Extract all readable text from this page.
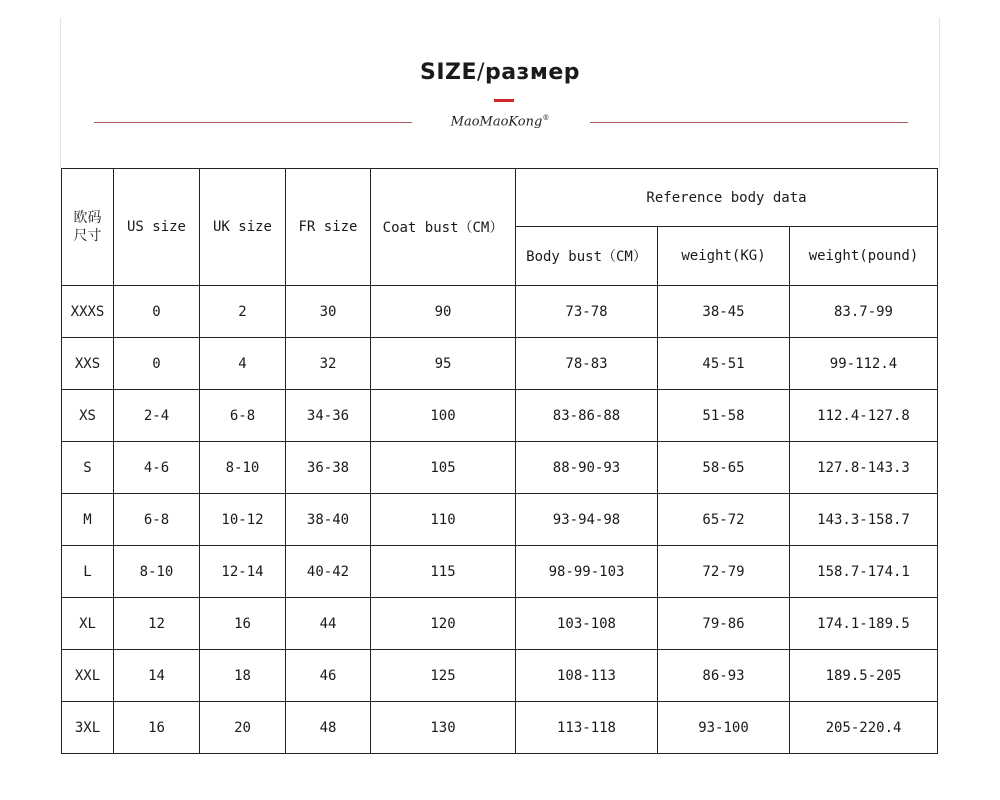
SIZE/размер
MaoMaoKong®
欧码
尺寸	US size	UK size	FR size	Coat bust（CM）	Reference body data		
					Body bust（CM）	weight(KG)	weight(pound)
XXXS	0	2	30	90	73-78	38-45	83.7-99
XXS	0	4	32	95	78-83	45-51	99-112.4
XS	2-4	6-8	34-36	100	83-86-88	51-58	112.4-127.8
S	4-6	8-10	36-38	105	88-90-93	58-65	127.8-143.3
M	6-8	10-12	38-40	110	93-94-98	65-72	143.3-158.7
L	8-10	12-14	40-42	115	98-99-103	72-79	158.7-174.1
XL	12	16	44	120	103-108	79-86	174.1-189.5
XXL	14	18	46	125	108-113	86-93	189.5-205
3XL	16	20	48	130	113-118	93-100	205-220.4
